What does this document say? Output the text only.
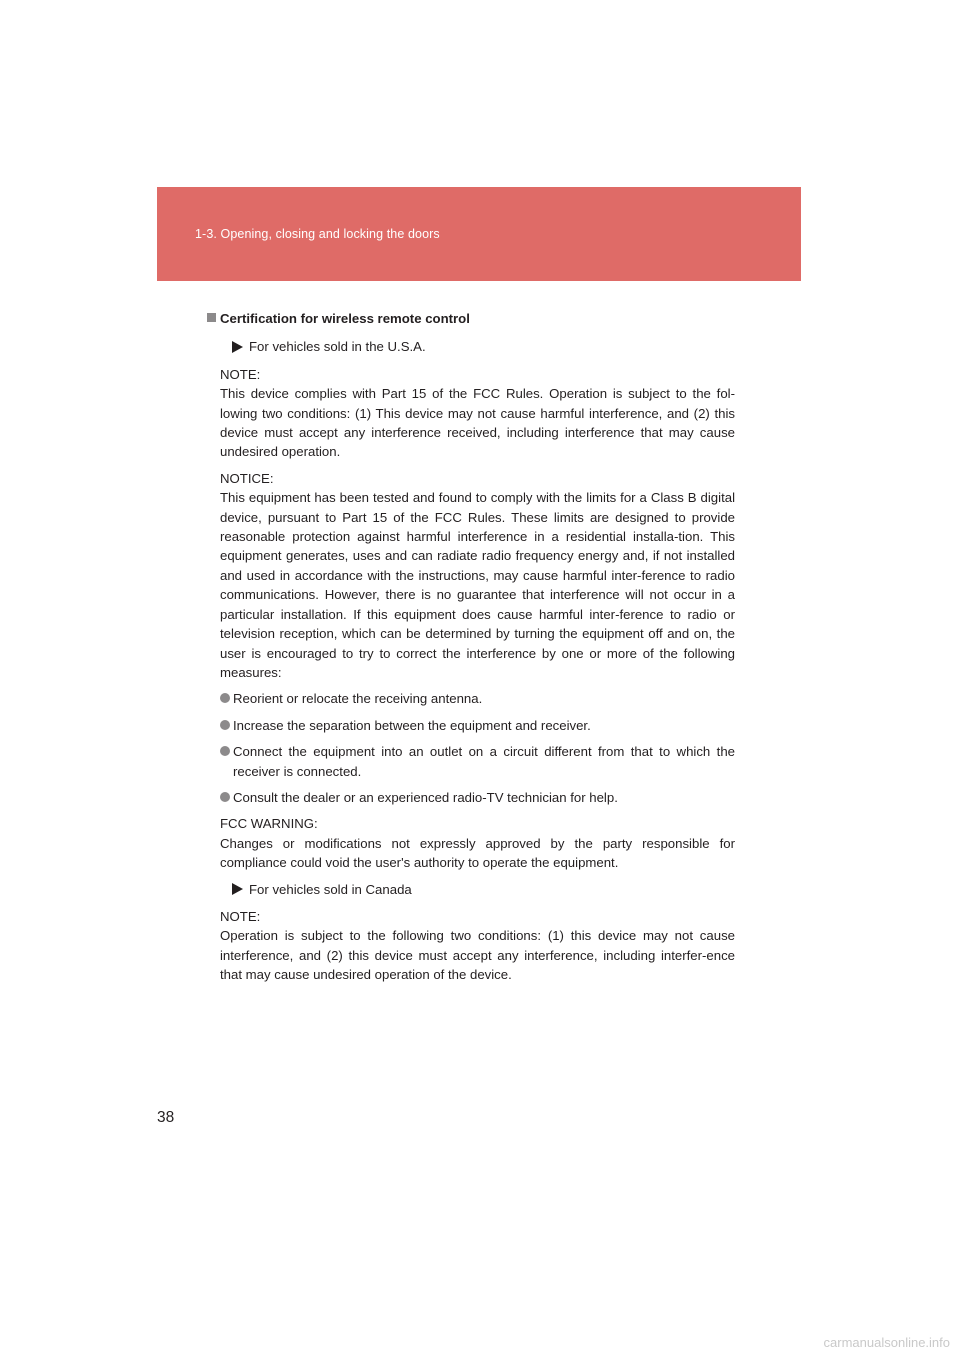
1-3. Opening, closing and locking the doors
Certification for wireless remote control
For vehicles sold in the U.S.A.

NOTE:

This device complies with Part 15 of the FCC Rules. Operation is subject to the fol-lowing two conditions: (1) This device may not cause harmful interference, and (2) this device must accept any interference received, including interference that may cause undesired operation.

NOTICE:

This equipment has been tested and found to comply with the limits for a Class B digital device, pursuant to Part 15 of the FCC Rules. These limits are designed to provide reasonable protection against harmful interference in a residential installa-tion. This equipment generates, uses and can radiate radio frequency energy and, if not installed and used in accordance with the instructions, may cause harmful inter-ference to radio communications. However, there is no guarantee that interference will not occur in a particular installation. If this equipment does cause harmful inter-ference to radio or television reception, which can be determined by turning the equipment off and on, the user is encouraged to try to correct the interference by one or more of the following measures:

Reorient or relocate the receiving antenna.
Increase the separation between the equipment and receiver.
Connect the equipment into an outlet on a circuit different from that to which the receiver is connected.
Consult the dealer or an experienced radio-TV technician for help.

FCC WARNING:

Changes or modifications not expressly approved by the party responsible for compliance could void the user's authority to operate the equipment.

For vehicles sold in Canada

NOTE:

Operation is subject to the following two conditions: (1) this device may not cause interference, and (2) this device must accept any interference, including interfer-ence that may cause undesired operation of the device.

38
carmanualsonline.info
